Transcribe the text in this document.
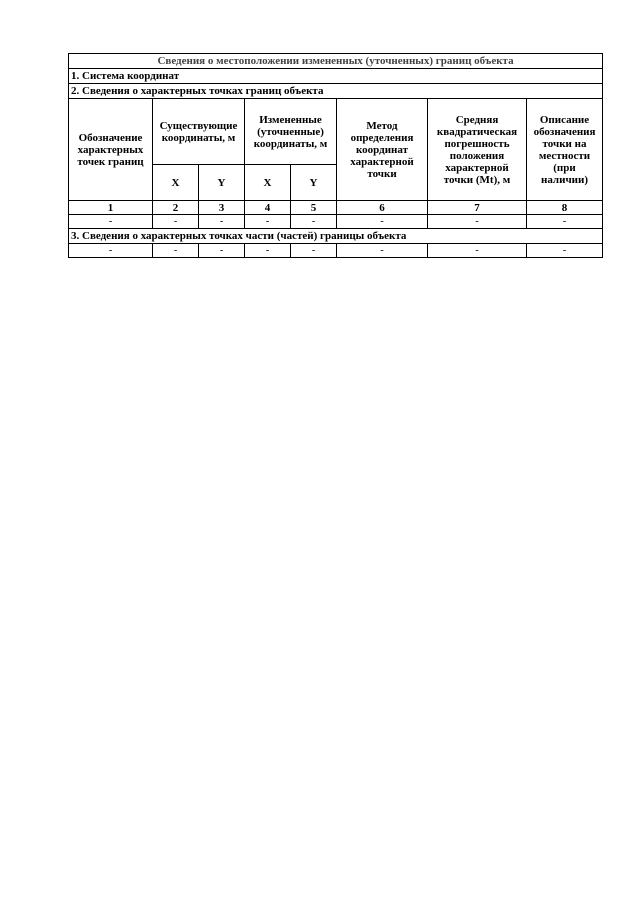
Сведения о местоположении измененных (уточненных) границ объекта							
1. Система координат							
2. Сведения о характерных точках границ объекта							
Обозначение характерных точек границ	Существующие координаты, м		Измененные (уточненные) координаты, м		Метод определения координат характерной точки	Средняя квадратическая погрешность положения характерной точки (Mt), м	Описание обозначения точки на местности (при наличии)
	X	Y	X	Y			
1	2	3	4	5	6	7	8
-	-	-	-	-	-	-	-
3. Сведения о характерных точках части (частей) границы объекта							
-	-	-	-	-	-	-	-
